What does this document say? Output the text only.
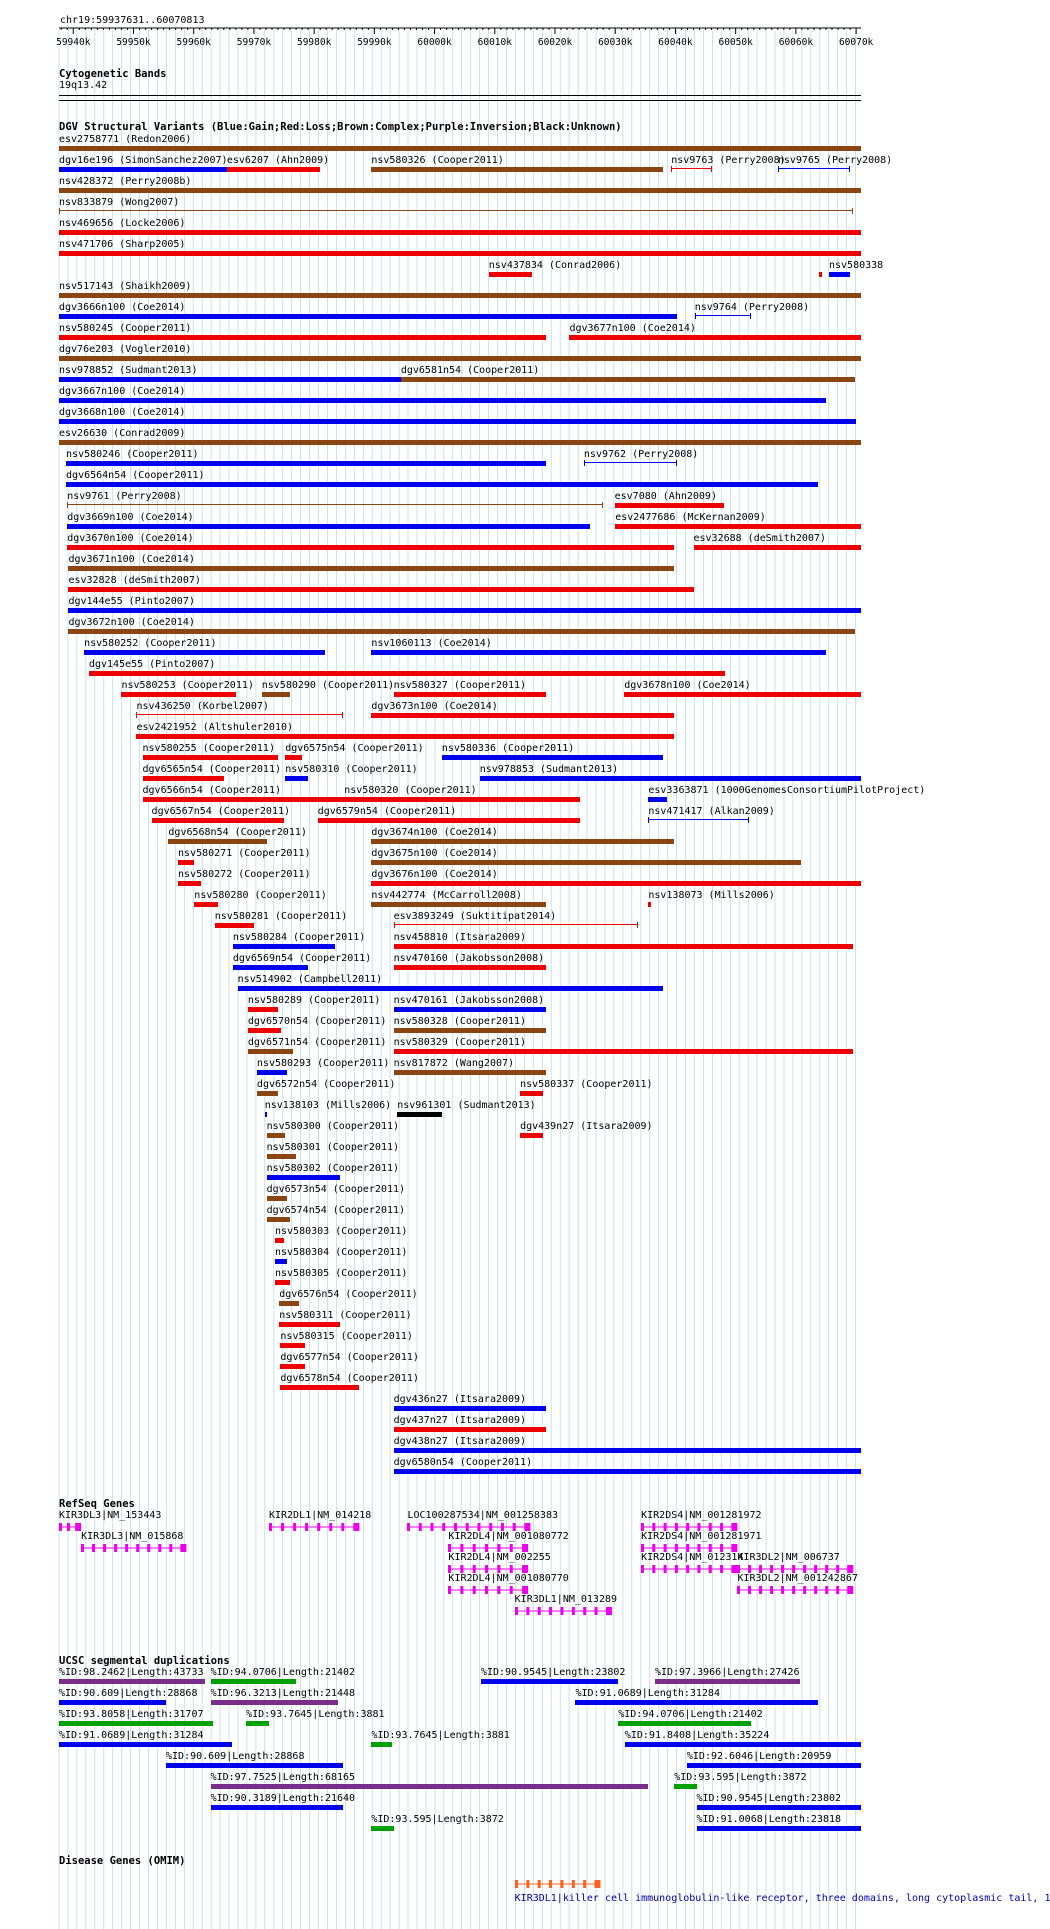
chr19:59937631..60070813
59940k	59950k	59960k	59970k	59980k	59990k	60000k	60010k	60020k	60030k	60040k	60050k	60060k	60070k
Cytogenetic Bands
19q13.42
DGV Structural Variants (Blue:Gain;Red:Loss;Brown:Complex;Purple:Inversion;Black:Unknown)
esv2758771 (Redon2006)
dgv16e196 (SimonSanchez2007) esv6207 (Ahn2009)	nsv580326 (Cooper2011)	nsv9763 (Perry2008)
nsv9765 (Perry2008)
nsv428372 (Perry2008b)
nsv833879 (Wong2007)
nsv469656 (Locke2006)
nsv471706 (Sharp2005)
nsv437834 (Conrad2006)	nsv580338
nsv517143 (Shaikh2009)
dgv3666n100 (Coe2014)	nsv9764 (Perry2008)
nsv580245 (Cooper2011)	dgv3677n100 (Coe2014)
dgv76e203 (Vogler2010)
nsv978852 (Sudmant2013)	dgv6581n54 (Cooper2011)
dgv3667n100 (Coe2014)
dgv3668n100 (Coe2014)
esv26630 (Conrad2009)
nsv580246 (Cooper2011)	nsv9762 (Perry2008)
dgv6564n54 (Cooper2011)
nsv9761 (Perry2008)	esv7080 (Ahn2009)
dgv3669n100 (Coe2014)	esv2477686 (McKernan2009)
dgv3670n100 (Coe2014)	esv32688 (deSmith2007)
dgv3671n100 (Coe2014)
esv32828 (deSmith2007)
dgv144e55 (Pinto2007)
dgv3672n100 (Coe2014)
nsv580252 (Cooper2011)	nsv1060113 (Coe2014)
dgv145e55 (Pinto2007)
nsv580253 (Cooper2011) nsv580290 (Cooper2011) nsv580327 (Cooper2011)	dgv3678n100 (Coe2014)
nsv436250 (Korbel2007)	dgv3673n100 (Coe2014)
esv2421952 (Altshuler2010)
nsv580255 (Cooper2011) dgv6575n54 (Cooper2011) nsv580336 (Cooper2011)
dgv6565n54 (Cooper2011) nsv580310 (Cooper2011)	nsv978853 (Sudmant2013)
dgv6566n54 (Cooper2011)	nsv580320 (Cooper2011)	esv3363871 (1000GenomesConsortiumPilotProject)
dgv6567n54 (Cooper2011)	dgv6579n54 (Cooper2011)	nsv471417 (Alkan2009)
dgv6568n54 (Cooper2011)	dgv3674n100 (Coe2014)
nsv580271 (Cooper2011)	dgv3675n100 (Coe2014)
nsv580272 (Cooper2011)	dgv3676n100 (Coe2014)
nsv580280 (Cooper2011)	nsv442774 (McCarroll2008)	nsv138073 (Mills2006)
nsv580281 (Cooper2011)	esv3893249 (Suktitipat2014)
nsv580284 (Cooper2011)	nsv458810 (Itsara2009)
dgv6569n54 (Cooper2011) nsv470160 (Jakobsson2008)
nsv514902 (Campbell2011)
nsv580289 (Cooper2011) nsv470161 (Jakobsson2008)
dgv6570n54 (Cooper2011) nsv580328 (Cooper2011)
dgv6571n54 (Cooper2011) nsv580329 (Cooper2011)
nsv580293 (Cooper2011) nsv817872 (Wang2007)
dgv6572n54 (Cooper2011)	nsv580337 (Cooper2011)
nsv138103 (Mills2006) nsv961301 (Sudmant2013)
nsv580300 (Cooper2011)	dgv439n27 (Itsara2009)
nsv580301 (Cooper2011)
nsv580302 (Cooper2011)
dgv6573n54 (Cooper2011)
dgv6574n54 (Cooper2011)
nsv580303 (Cooper2011)
nsv580304 (Cooper2011)
nsv580305 (Cooper2011)
dgv6576n54 (Cooper2011)
nsv580311 (Cooper2011)
nsv580315 (Cooper2011)
dgv6577n54 (Cooper2011)
dgv6578n54 (Cooper2011)
dgv436n27 (Itsara2009)
dgv437n27 (Itsara2009)
dgv438n27 (Itsara2009)
dgv6580n54 (Cooper2011)
RefSeq Genes
KIR3DL3|NM_153443
KIR3DL3|NM_015868
KIR2DL1|NM_014218	LOC100287534|NM_001258383
KIR2DL4|NM_001080772
KIR2DL4|NM_002255
KIR2DL4|NM_001080770
KIR3DL1|NM_013289
KIR2DS4|NM_001281972
KIR2DS4|NM_001281971
KIR2DS4|NM_012314
KIR3DL2|NM_006737
KIR3DL2|NM_001242867
UCSC segmental duplications
%ID:98.2462|Length:43733 %ID:94.0706|Length:21402	%ID:90.9545|Length:23802	%ID:97.3966|Length:27426
%ID:90.609|Length:28868 %ID:96.3213|Length:21448	%ID:91.0689|Length:31284
%ID:93.8058|Length:31707	%ID:93.7645|Length:3881	%ID:94.0706|Length:21402
%ID:91.0689|Length:31284	%ID:93.7645|Length:3881	%ID:91.8408|Length:35224
%ID:90.609|Length:28868	%ID:92.6046|Length:20959
%ID:97.7525|Length:68165	%ID:93.595|Length:3872
%ID:90.3189|Length:21640	%ID:90.9545|Length:23802
%ID:93.595|Length:3872	%ID:91.0068|Length:23818
Disease Genes (OMIM)
KIR3DL1|killer cell immunoglobulin-like receptor, three domains, long cytoplasmic tail, 1
